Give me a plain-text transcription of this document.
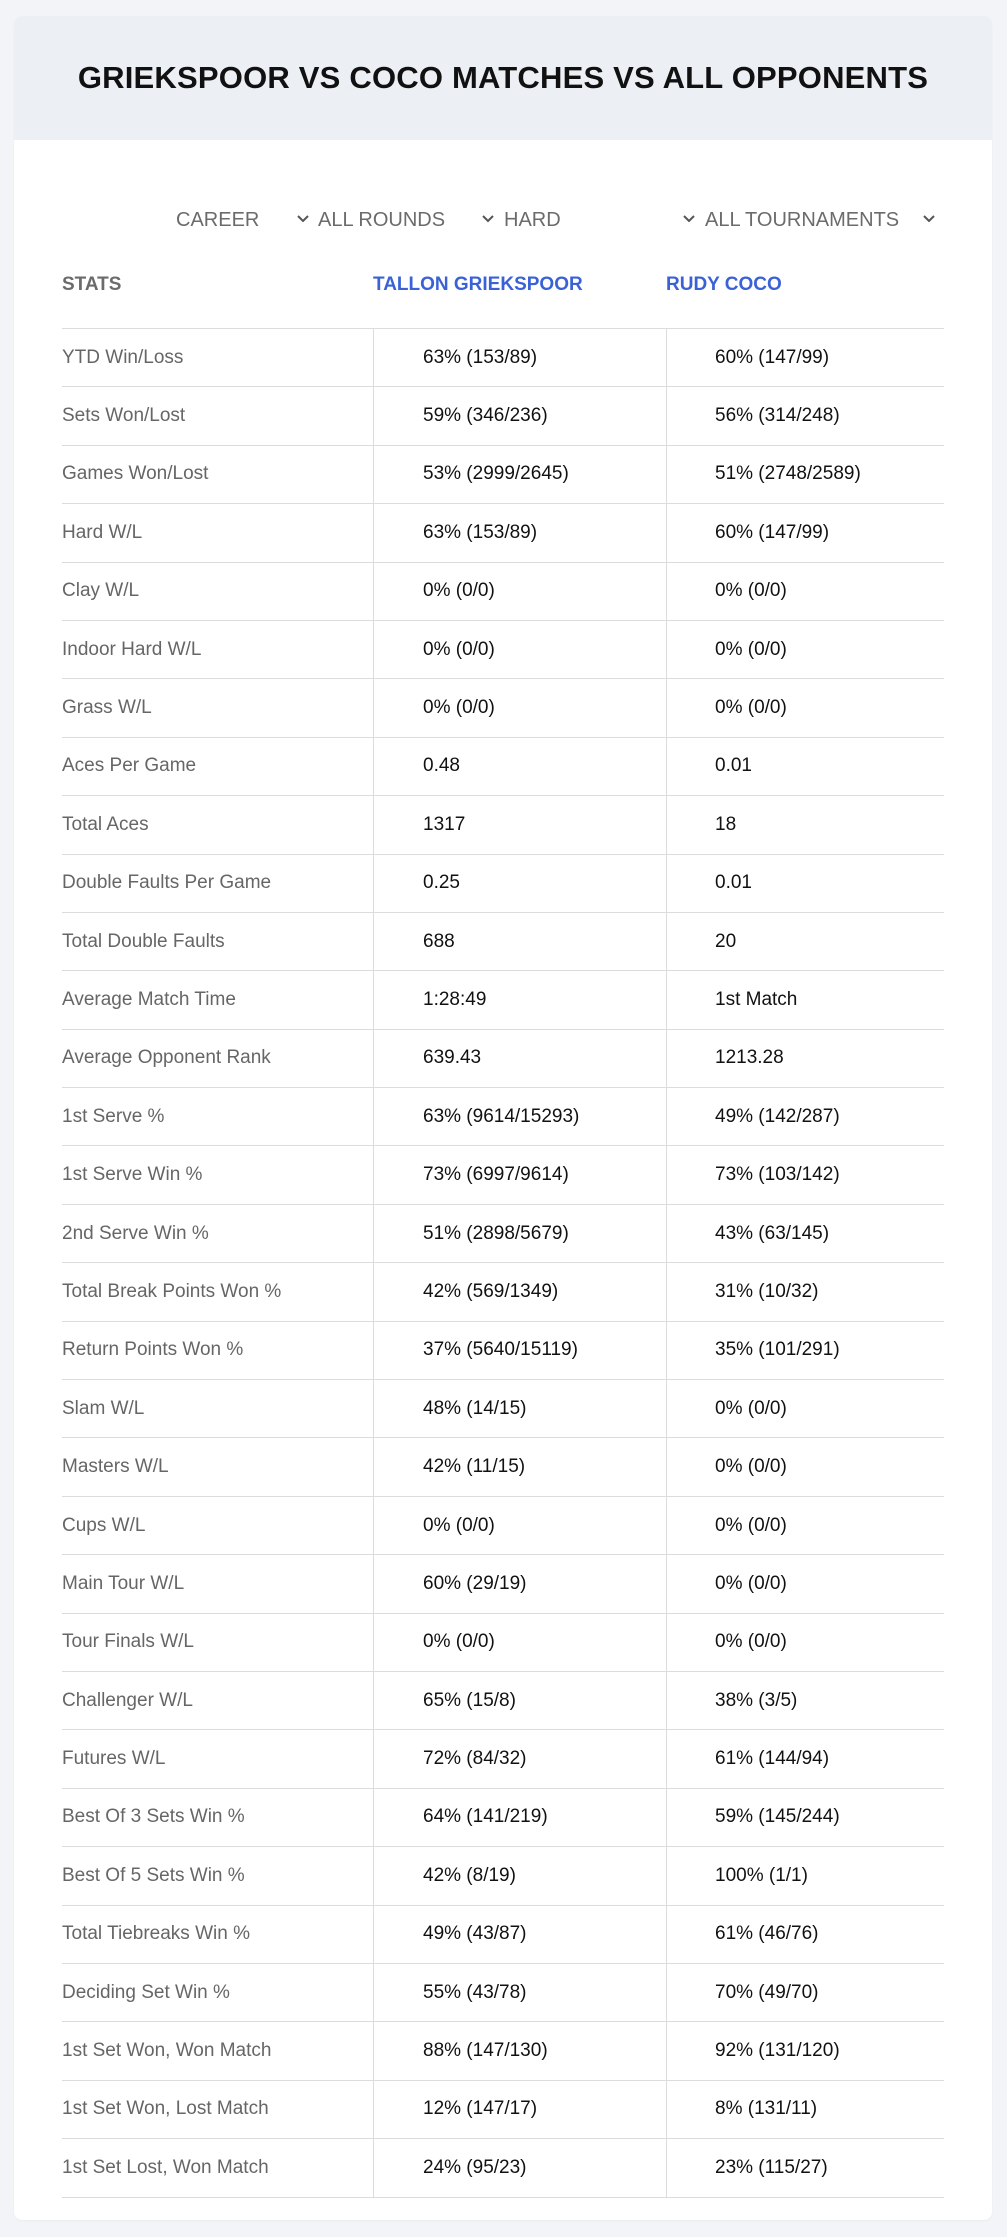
GRIEKSPOOR VS COCO MATCHES VS ALL OPPONENTS
CAREER	ALL ROUNDS	HARD	ALL TOURNAMENTS
STATS	TALLON GRIEKSPOOR	RUDY COCO
YTD Win/Loss	63% (153/89)	60% (147/99)
Sets Won/Lost	59% (346/236)	56% (314/248)
Games Won/Lost	53% (2999/2645)	51% (2748/2589)
Hard W/L	63% (153/89)	60% (147/99)
Clay W/L	0% (0/0)	0% (0/0)
Indoor Hard W/L	0% (0/0)	0% (0/0)
Grass W/L	0% (0/0)	0% (0/0)
Aces Per Game	0.48	0.01
Total Aces	1317	18
Double Faults Per Game	0.25	0.01
Total Double Faults	688	20
Average Match Time	1:28:49	1st Match
Average Opponent Rank	639.43	1213.28
1st Serve %	63% (9614/15293)	49% (142/287)
1st Serve Win %	73% (6997/9614)	73% (103/142)
2nd Serve Win %	51% (2898/5679)	43% (63/145)
Total Break Points Won %	42% (569/1349)	31% (10/32)
Return Points Won %	37% (5640/15119)	35% (101/291)
Slam W/L	48% (14/15)	0% (0/0)
Masters W/L	42% (11/15)	0% (0/0)
Cups W/L	0% (0/0)	0% (0/0)
Main Tour W/L	60% (29/19)	0% (0/0)
Tour Finals W/L	0% (0/0)	0% (0/0)
Challenger W/L	65% (15/8)	38% (3/5)
Futures W/L	72% (84/32)	61% (144/94)
Best Of 3 Sets Win %	64% (141/219)	59% (145/244)
Best Of 5 Sets Win %	42% (8/19)	100% (1/1)
Total Tiebreaks Win %	49% (43/87)	61% (46/76)
Deciding Set Win %	55% (43/78)	70% (49/70)
1st Set Won, Won Match	88% (147/130)	92% (131/120)
1st Set Won, Lost Match	12% (147/17)	8% (131/11)
1st Set Lost, Won Match	24% (95/23)	23% (115/27)
